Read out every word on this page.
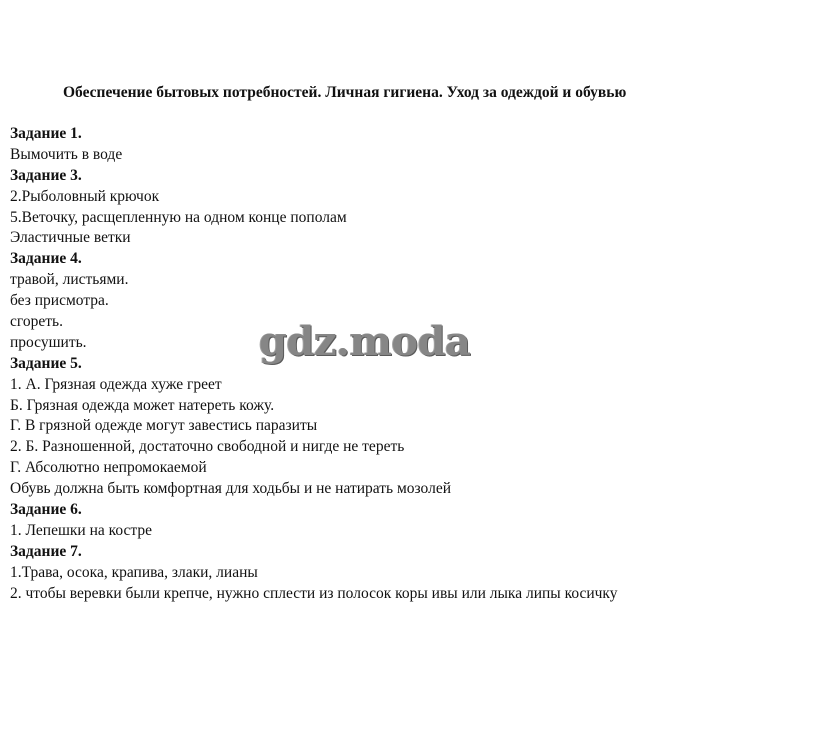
Обеспечение бытовых потребностей. Личная гигиена. Уход за одеждой и обувью
Задание 1.
Вымочить в воде
Задание 3.
2.Рыболовный крючок
5.Веточку, расщепленную на одном конце пополам
Эластичные ветки
Задание 4.
травой, листьями.
без присмотра.
сгореть.
просушить.
Задание 5.
1. А. Грязная одежда хуже греет
Б. Грязная одежда может натереть кожу.
Г. В грязной одежде могут завестись паразиты
2. Б. Разношенной, достаточно свободной и нигде не тереть
Г. Абсолютно непромокаемой
Обувь должна быть комфортная для ходьбы и не натирать мозолей
Задание 6.
1. Лепешки на костре
Задание 7.
1.Трава, осока, крапива, злаки, лианы
2. чтобы веревки были крепче, нужно сплести из полосок коры ивы или лыка липы косичку
gdz.moda
